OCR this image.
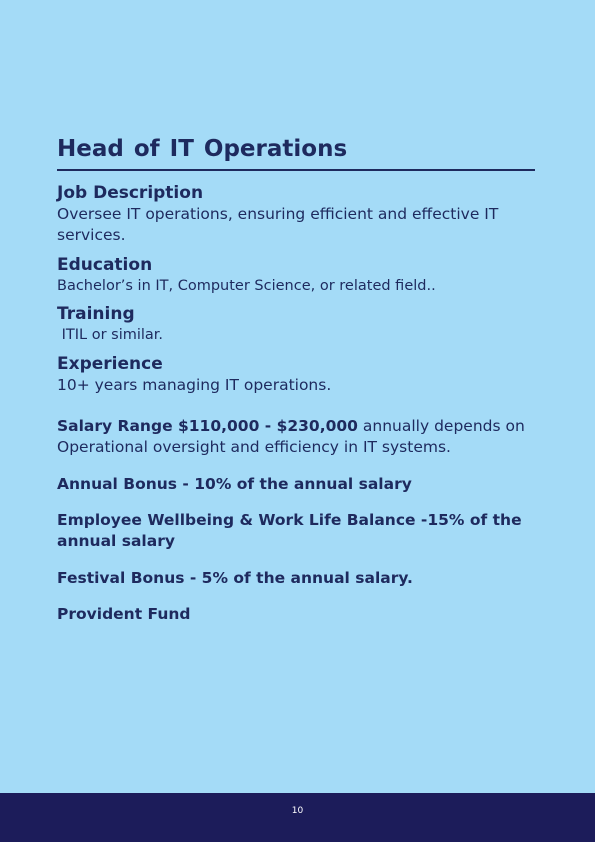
Head of IT Operations

Job Description

Oversee IT operations, ensuring efficient and effective IT services.

Education

Bachelor’s in IT, Computer Science, or related field..

Training

ITIL or similar.

Experience

10+ years managing IT operations.

Salary Range $110,000 - $230,000 annually depends on Operational oversight and efficiency in IT systems.

Annual Bonus - 10% of the annual salary

Employee Wellbeing & Work Life Balance -15% of the annual salary

Festival Bonus - 5% of the annual salary.

Provident Fund

10
